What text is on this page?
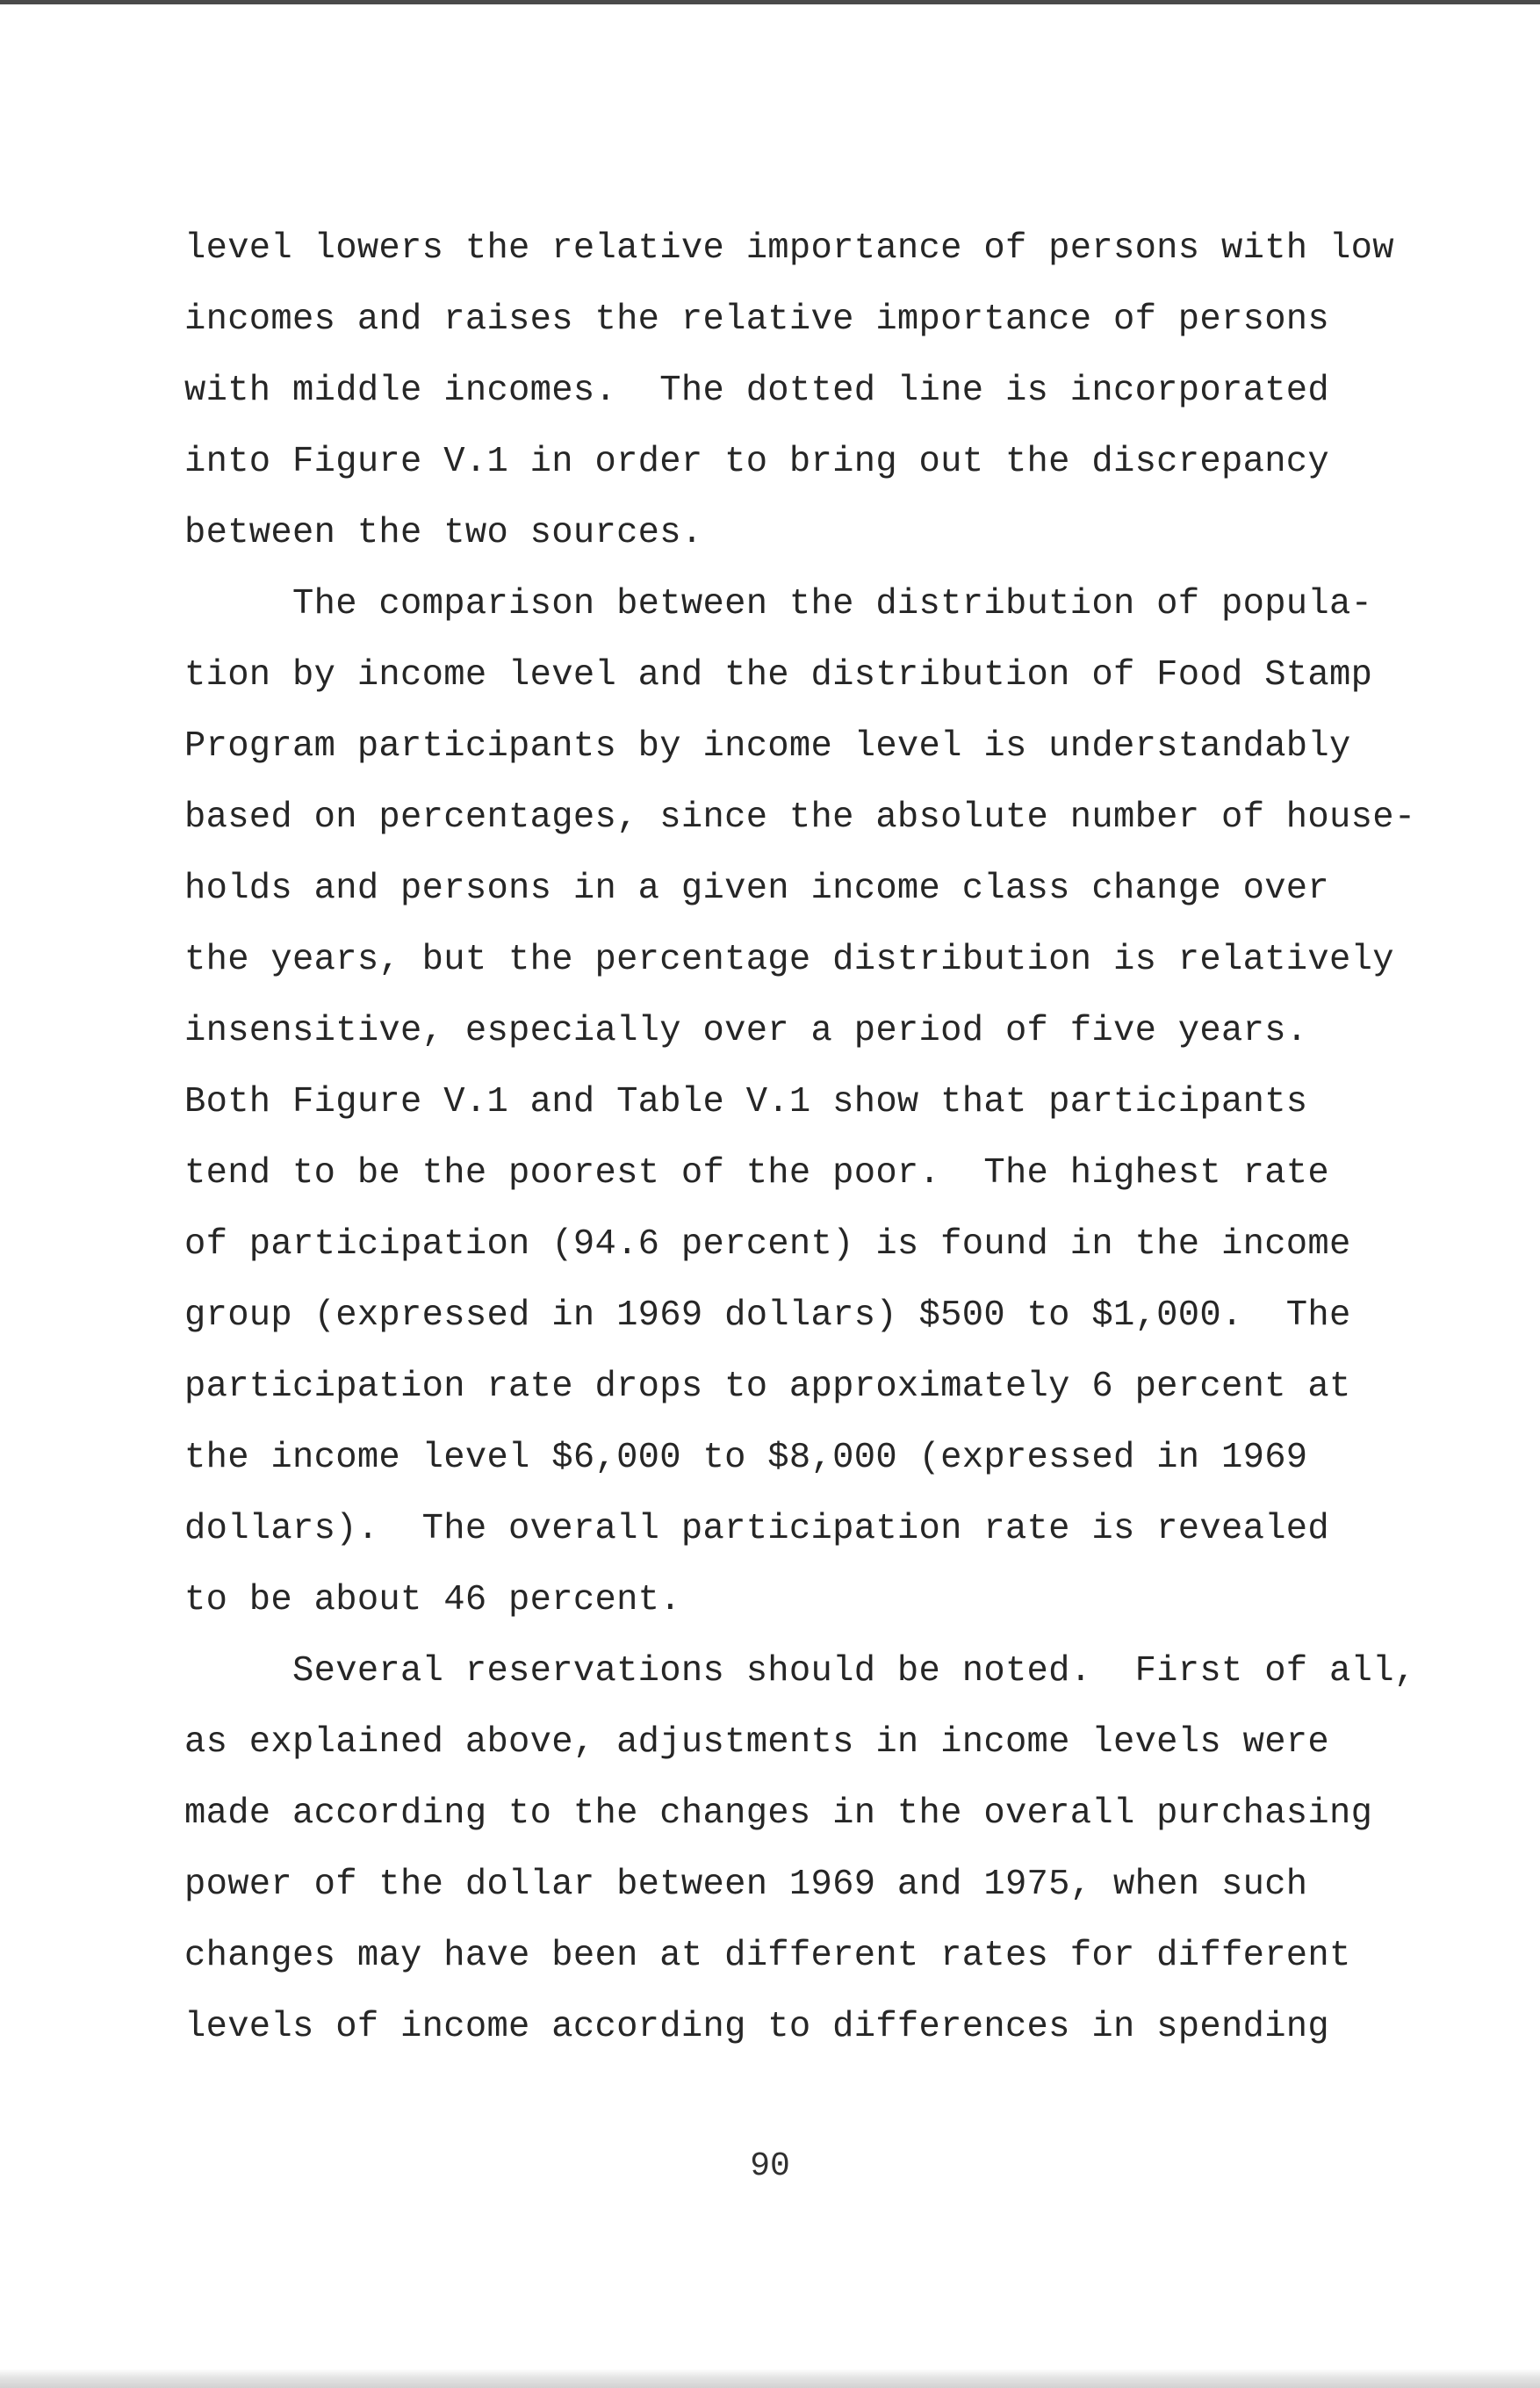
level lowers the relative importance of persons with low
incomes and raises the relative importance of persons
with middle incomes.  The dotted line is incorporated
into Figure V.1 in order to bring out the discrepancy
between the two sources.
The comparison between the distribution of popula-
tion by income level and the distribution of Food Stamp
Program participants by income level is understandably
based on percentages, since the absolute number of house-
holds and persons in a given income class change over
the years, but the percentage distribution is relatively
insensitive, especially over a period of five years.
Both Figure V.1 and Table V.1 show that participants
tend to be the poorest of the poor.  The highest rate
of participation (94.6 percent) is found in the income
group (expressed in 1969 dollars) $500 to $1,000.  The
participation rate drops to approximately 6 percent at
the income level $6,000 to $8,000 (expressed in 1969
dollars).  The overall participation rate is revealed
to be about 46 percent.
Several reservations should be noted.  First of all,
as explained above, adjustments in income levels were
made according to the changes in the overall purchasing
power of the dollar between 1969 and 1975, when such
changes may have been at different rates for different
levels of income according to differences in spending
90
